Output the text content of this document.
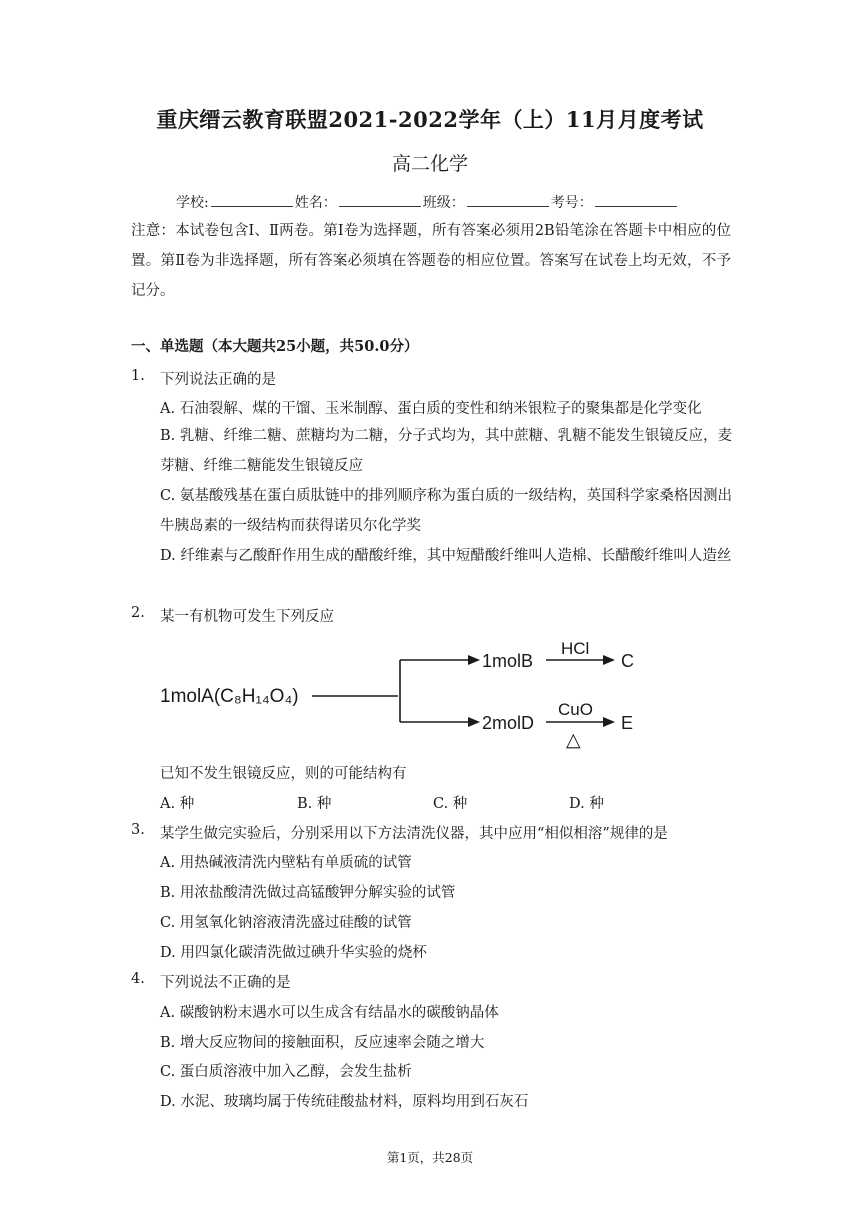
重庆缙云教育联盟2021-2022学年（上）11月月度考试
高二化学
学校:	姓名：	班级：	考号：
注意：本试卷包含Ⅰ、Ⅱ两卷。第Ⅰ卷为选择题，所有答案必须用2B铅笔涂在答题卡中相应的位置。第Ⅱ卷为非选择题，所有答案必须填在答题卷的相应位置。答案写在试卷上均无效，不予记分。
一、单选题（本大题共25小题，共50.0分）
1. 下列说法正确的是
A. 石油裂解、煤的干馏、玉米制醇、蛋白质的变性和纳米银粒子的聚集都是化学变化
B. 乳糖、纤维二糖、蔗糖均为二糖，分子式均为，其中蔗糖、乳糖不能发生银镜反应，麦芽糖、纤维二糖能发生银镜反应
C. 氨基酸残基在蛋白质肽链中的排列顺序称为蛋白质的一级结构，英国科学家桑格因测出牛胰岛素的一级结构而获得诺贝尔化学奖
D. 纤维素与乙酸酐作用生成的醋酸纤维，其中短醋酸纤维叫人造棉、长醋酸纤维叫人造丝
2. 某一有机物可发生下列反应
1molA(C₈H₁₄O₄)
1molB
HCl
C
2molD
CuO
△
E
已知不发生银镜反应，则的可能结构有
A. 种	B. 种	C. 种	D. 种
3. 某学生做完实验后，分别采用以下方法清洗仪器，其中应用“相似相溶”规律的是
A. 用热碱液清洗内壁粘有单质硫的试管
B. 用浓盐酸清洗做过高锰酸钾分解实验的试管
C. 用氢氧化钠溶液清洗盛过硅酸的试管
D. 用四氯化碳清洗做过碘升华实验的烧杯
4. 下列说法不正确的是
A. 碳酸钠粉末遇水可以生成含有结晶水的碳酸钠晶体
B. 增大反应物间的接触面积，反应速率会随之增大
C. 蛋白质溶液中加入乙醇，会发生盐析
D. 水泥、玻璃均属于传统硅酸盐材料，原料均用到石灰石
第1页，共28页
